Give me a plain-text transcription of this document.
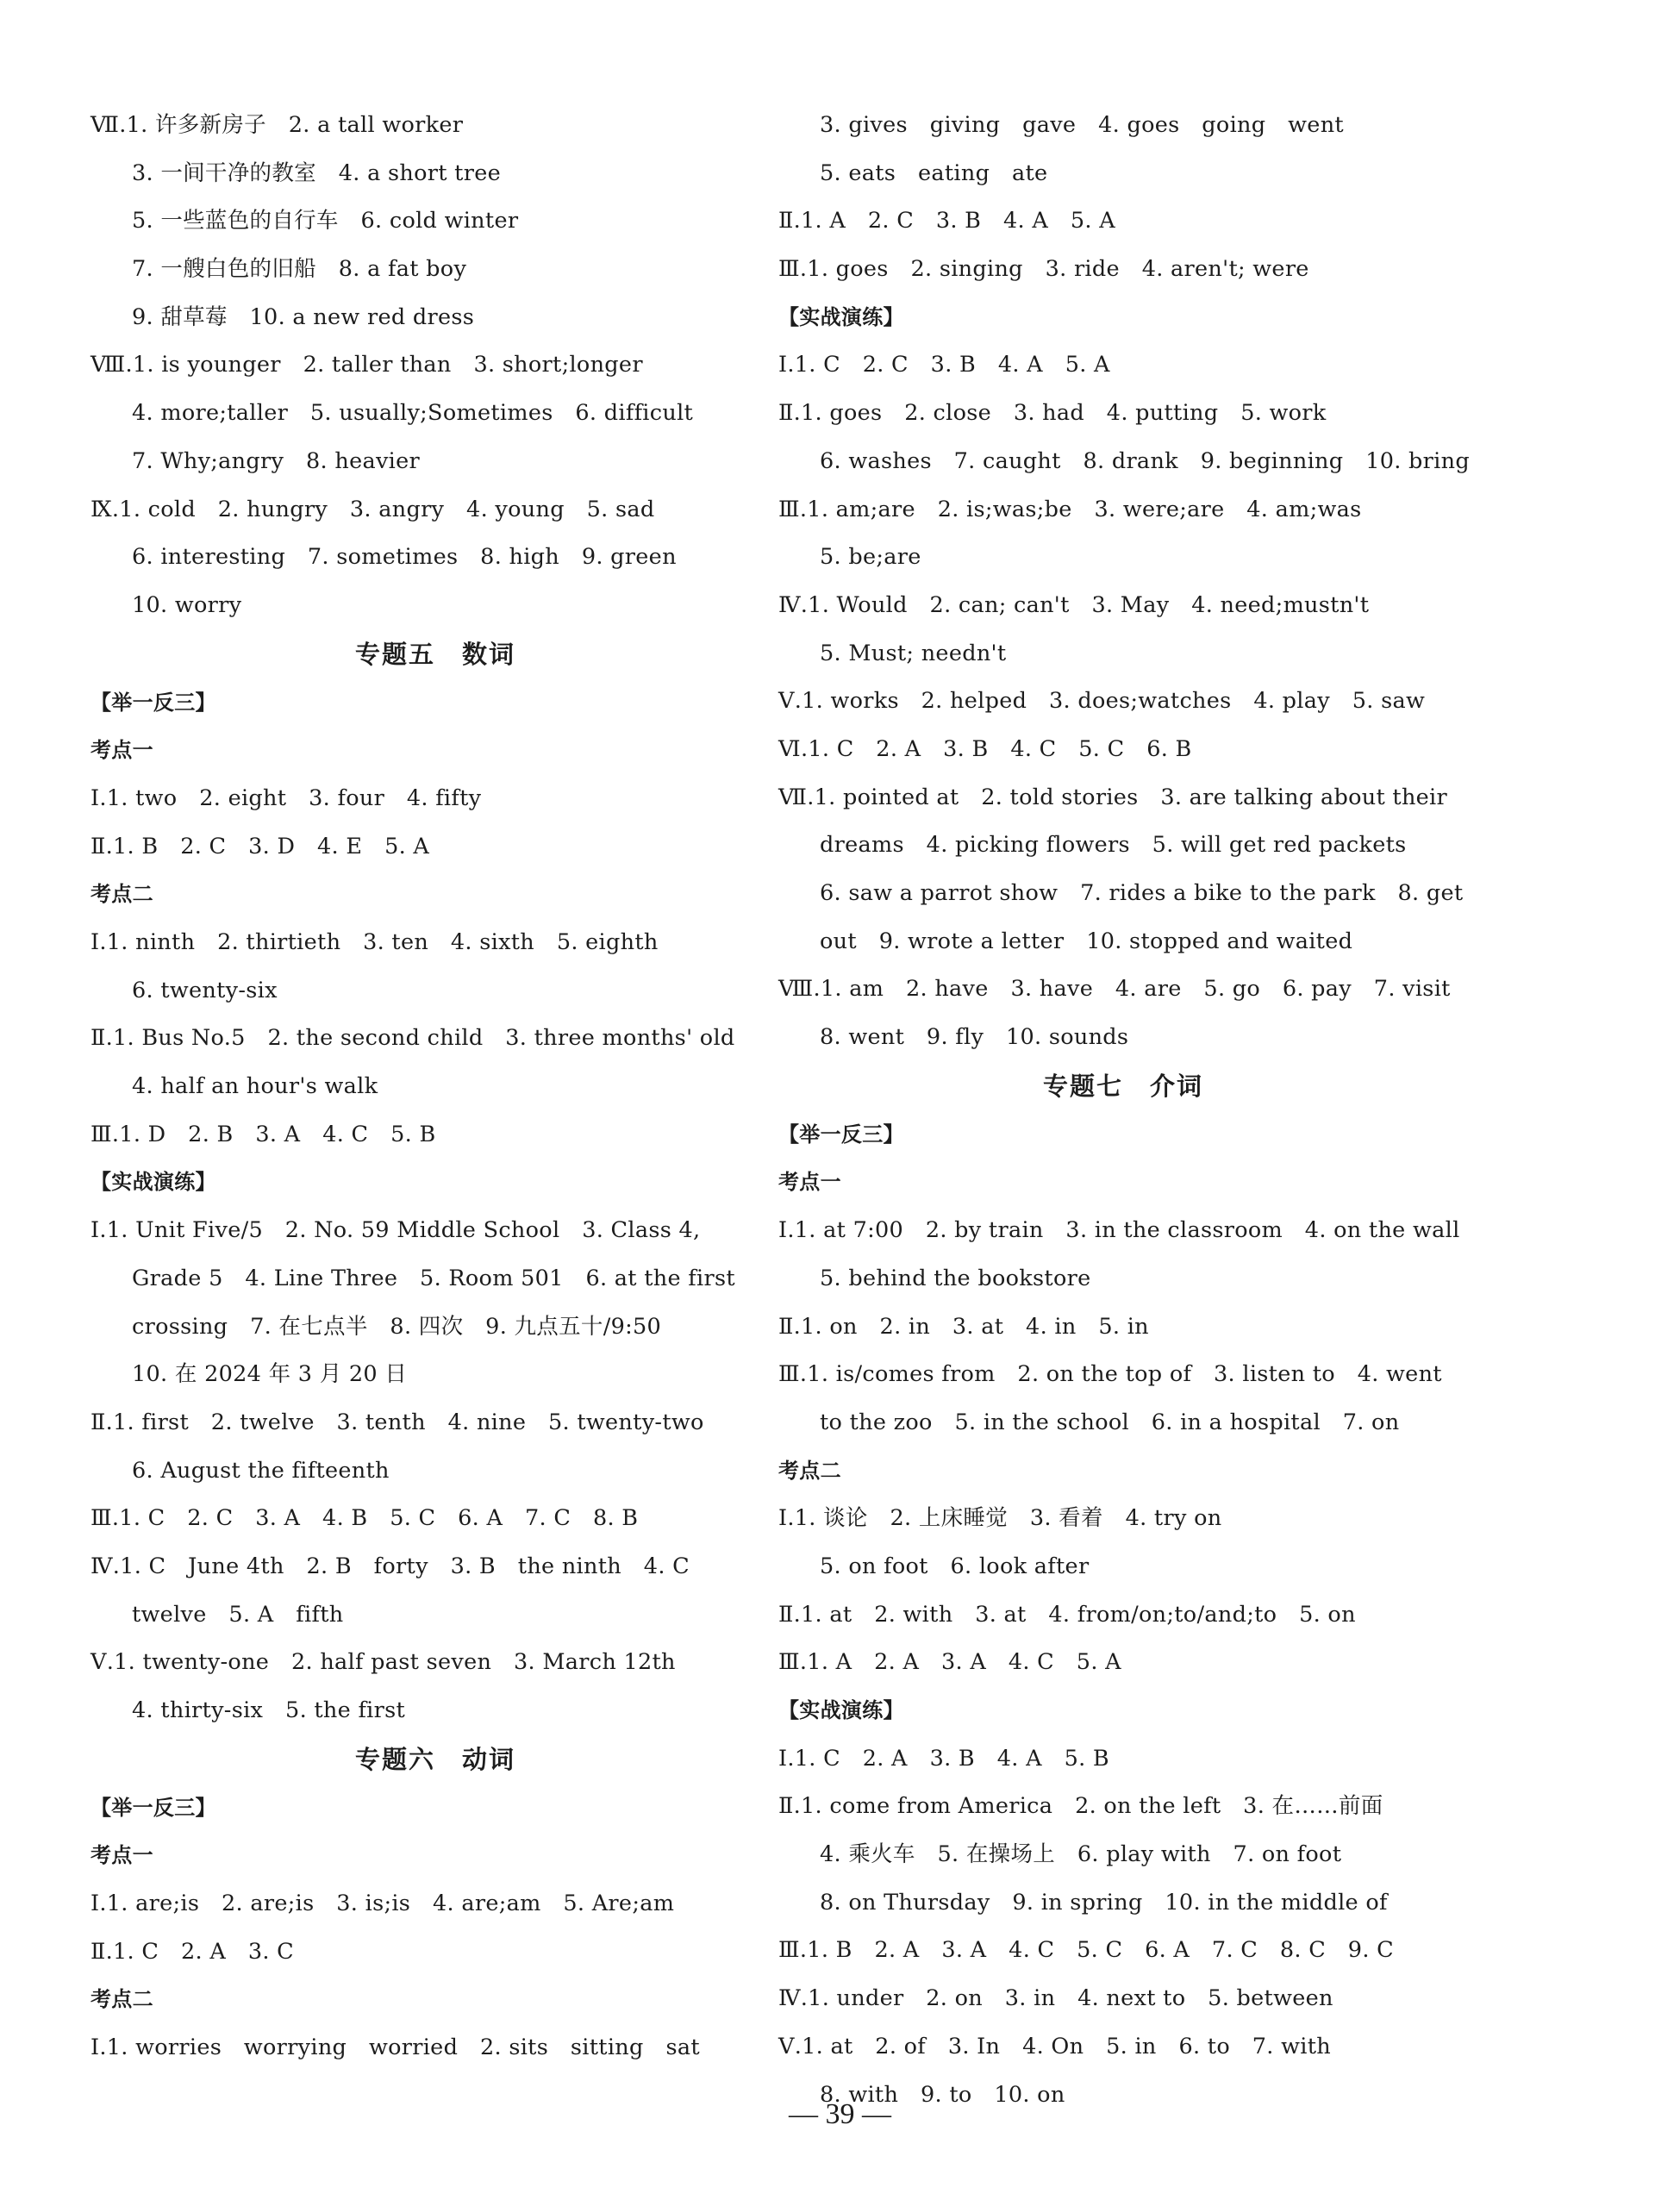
Ⅶ.1. 许多新房子　2. a tall worker
3. 一间干净的教室　4. a short tree
5. 一些蓝色的自行车　6. cold winter
7. 一艘白色的旧船　8. a fat boy
9. 甜草莓　10. a new red dress
Ⅷ.1. is younger　2. taller than　3. short;longer
4. more;taller　5. usually;Sometimes　6. difficult
7. Why;angry　8. heavier
Ⅸ.1. cold　2. hungry　3. angry　4. young　5. sad
6. interesting　7. sometimes　8. high　9. green
10. worry
专题五　数词
【举一反三】
考点一
Ⅰ.1. two　2. eight　3. four　4. fifty
Ⅱ.1. B　2. C　3. D　4. E　5. A
考点二
Ⅰ.1. ninth　2. thirtieth　3. ten　4. sixth　5. eighth
6. twenty-six
Ⅱ.1. Bus No.5　2. the second child　3. three months' old
4. half an hour's walk
Ⅲ.1. D　2. B　3. A　4. C　5. B
【实战演练】
Ⅰ.1. Unit Five/5　2. No. 59 Middle School　3. Class 4,
Grade 5　4. Line Three　5. Room 501　6. at the first
crossing　7. 在七点半　8. 四次　9. 九点五十/9:50
10. 在 2024 年 3 月 20 日
Ⅱ.1. first　2. twelve　3. tenth　4. nine　5. twenty-two
6. August the fifteenth
Ⅲ.1. C　2. C　3. A　4. B　5. C　6. A　7. C　8. B
Ⅳ.1. C　June 4th　2. B　forty　3. B　the ninth　4. C
twelve　5. A　fifth
Ⅴ.1. twenty-one　2. half past seven　3. March 12th
4. thirty-six　5. the first
专题六　动词
【举一反三】
考点一
Ⅰ.1. are;is　2. are;is　3. is;is　4. are;am　5. Are;am
Ⅱ.1. C　2. A　3. C
考点二
Ⅰ.1. worries　worrying　worried　2. sits　sitting　sat
3. gives　giving　gave　4. goes　going　went
5. eats　eating　ate
Ⅱ.1. A　2. C　3. B　4. A　5. A
Ⅲ.1. goes　2. singing　3. ride　4. aren't; were
【实战演练】
Ⅰ.1. C　2. C　3. B　4. A　5. A
Ⅱ.1. goes　2. close　3. had　4. putting　5. work
6. washes　7. caught　8. drank　9. beginning　10. bring
Ⅲ.1. am;are　2. is;was;be　3. were;are　4. am;was
5. be;are
Ⅳ.1. Would　2. can; can't　3. May　4. need;mustn't
5. Must; needn't
Ⅴ.1. works　2. helped　3. does;watches　4. play　5. saw
Ⅵ.1. C　2. A　3. B　4. C　5. C　6. B
Ⅶ.1. pointed at　2. told stories　3. are talking about their
dreams　4. picking flowers　5. will get red packets
6. saw a parrot show　7. rides a bike to the park　8. get
out　9. wrote a letter　10. stopped and waited
Ⅷ.1. am　2. have　3. have　4. are　5. go　6. pay　7. visit
8. went　9. fly　10. sounds
专题七　介词
【举一反三】
考点一
Ⅰ.1. at 7:00　2. by train　3. in the classroom　4. on the wall
5. behind the bookstore
Ⅱ.1. on　2. in　3. at　4. in　5. in
Ⅲ.1. is/comes from　2. on the top of　3. listen to　4. went
to the zoo　5. in the school　6. in a hospital　7. on
考点二
Ⅰ.1. 谈论　2. 上床睡觉　3. 看着　4. try on
5. on foot　6. look after
Ⅱ.1. at　2. with　3. at　4. from/on;to/and;to　5. on
Ⅲ.1. A　2. A　3. A　4. C　5. A
【实战演练】
Ⅰ.1. C　2. A　3. B　4. A　5. B
Ⅱ.1. come from America　2. on the left　3. 在……前面
4. 乘火车　5. 在操场上　6. play with　7. on foot
8. on Thursday　9. in spring　10. in the middle of
Ⅲ.1. B　2. A　3. A　4. C　5. C　6. A　7. C　8. C　9. C
Ⅳ.1. under　2. on　3. in　4. next to　5. between
Ⅴ.1. at　2. of　3. In　4. On　5. in　6. to　7. with
8. with　9. to　10. on
— 39 —
